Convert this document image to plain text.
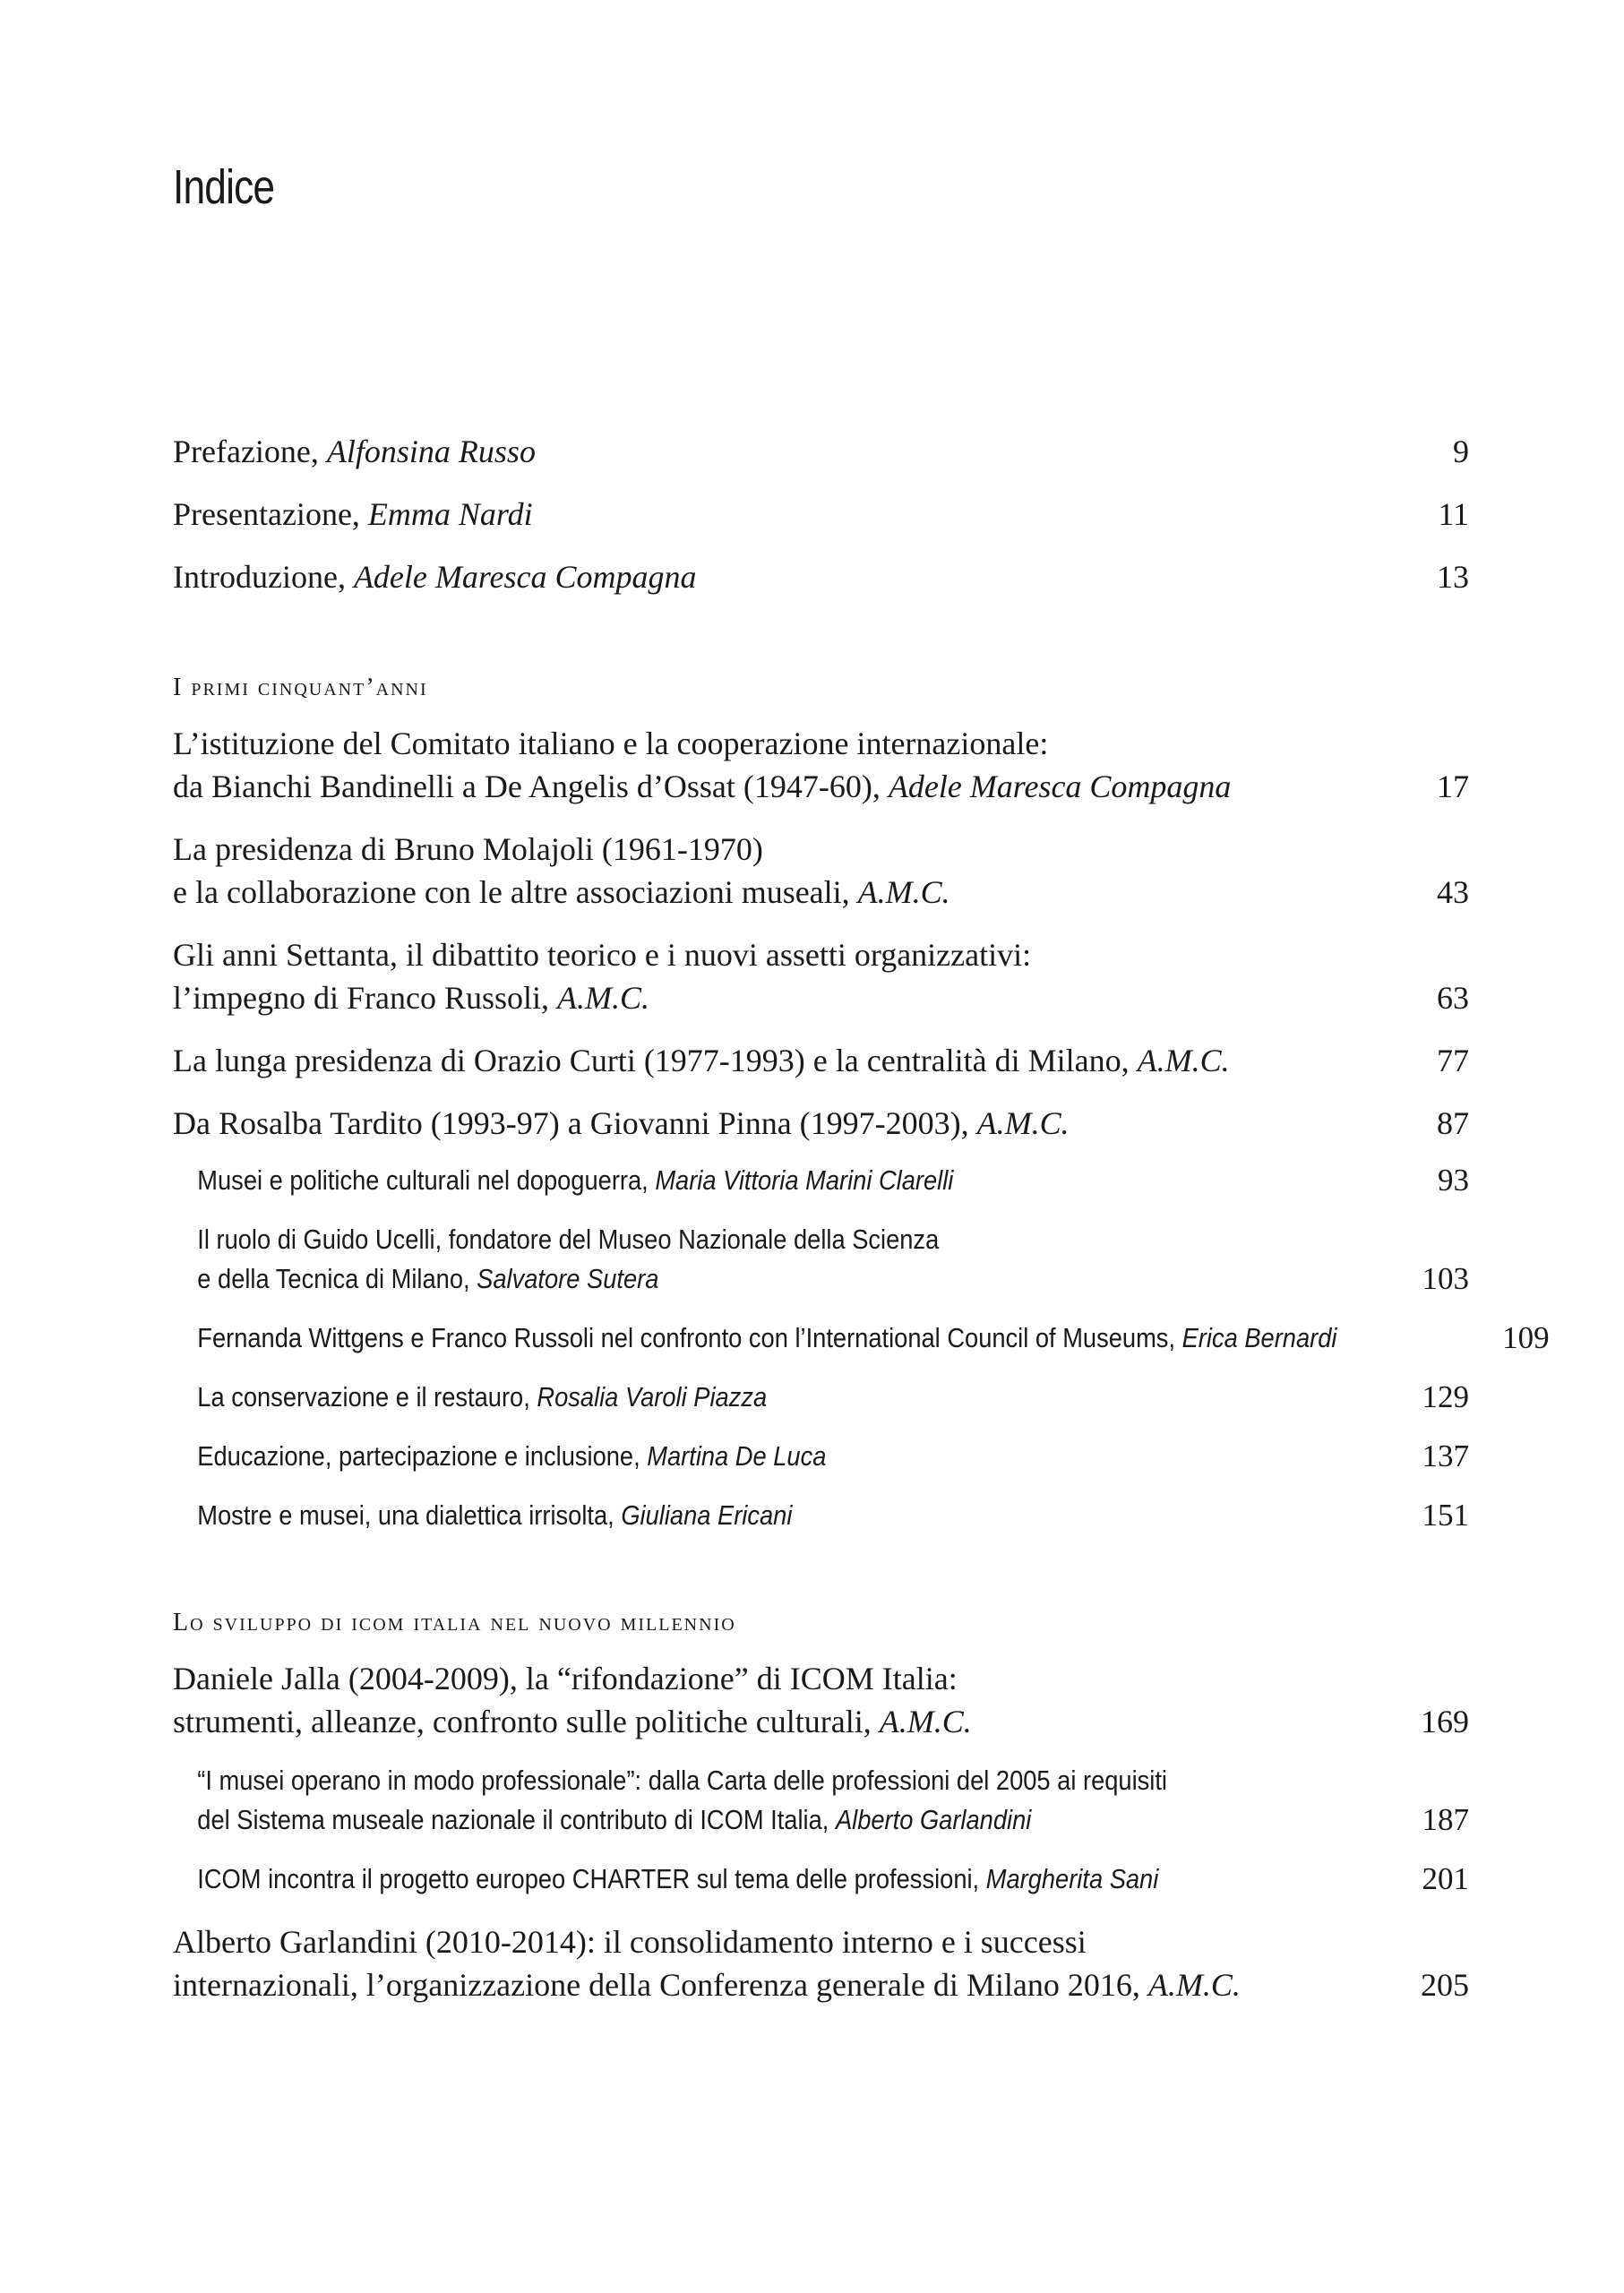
Indice
Prefazione, Alfonsina Russo	9
Presentazione, Emma Nardi	11
Introduzione, Adele Maresca Compagna	13
I primi cinquant’anni
L’istituzione del Comitato italiano e la cooperazione internazionale:
da Bianchi Bandinelli a De Angelis d’Ossat (1947-60), Adele Maresca Compagna	17
La presidenza di Bruno Molajoli (1961-1970)
e la collaborazione con le altre associazioni museali, A.M.C.	43
Gli anni Settanta, il dibattito teorico e i nuovi assetti organizzativi:
l’impegno di Franco Russoli, A.M.C.	63
La lunga presidenza di Orazio Curti (1977-1993) e la centralità di Milano, A.M.C.	77
Da Rosalba Tardito (1993-97) a Giovanni Pinna (1997-2003), A.M.C.	87
Musei e politiche culturali nel dopoguerra, Maria Vittoria Marini Clarelli	93
Il ruolo di Guido Ucelli, fondatore del Museo Nazionale della Scienza
e della Tecnica di Milano, Salvatore Sutera	103
Fernanda Wittgens e Franco Russoli nel confronto con l’International Council of Museums, Erica Bernardi	109
La conservazione e il restauro, Rosalia Varoli Piazza	129
Educazione, partecipazione e inclusione, Martina De Luca	137
Mostre e musei, una dialettica irrisolta, Giuliana Ericani	151
Lo sviluppo di icom italia nel nuovo millennio
Daniele Jalla (2004-2009), la “rifondazione” di ICOM Italia:
strumenti, alleanze, confronto sulle politiche culturali, A.M.C.	169
“I musei operano in modo professionale”: dalla Carta delle professioni del 2005 ai requisiti
del Sistema museale nazionale il contributo di ICOM Italia, Alberto Garlandini	187
ICOM incontra il progetto europeo CHARTER sul tema delle professioni, Margherita Sani	201
Alberto Garlandini (2010-2014): il consolidamento interno e i successi
internazionali, l’organizzazione della Conferenza generale di Milano 2016, A.M.C.	205
